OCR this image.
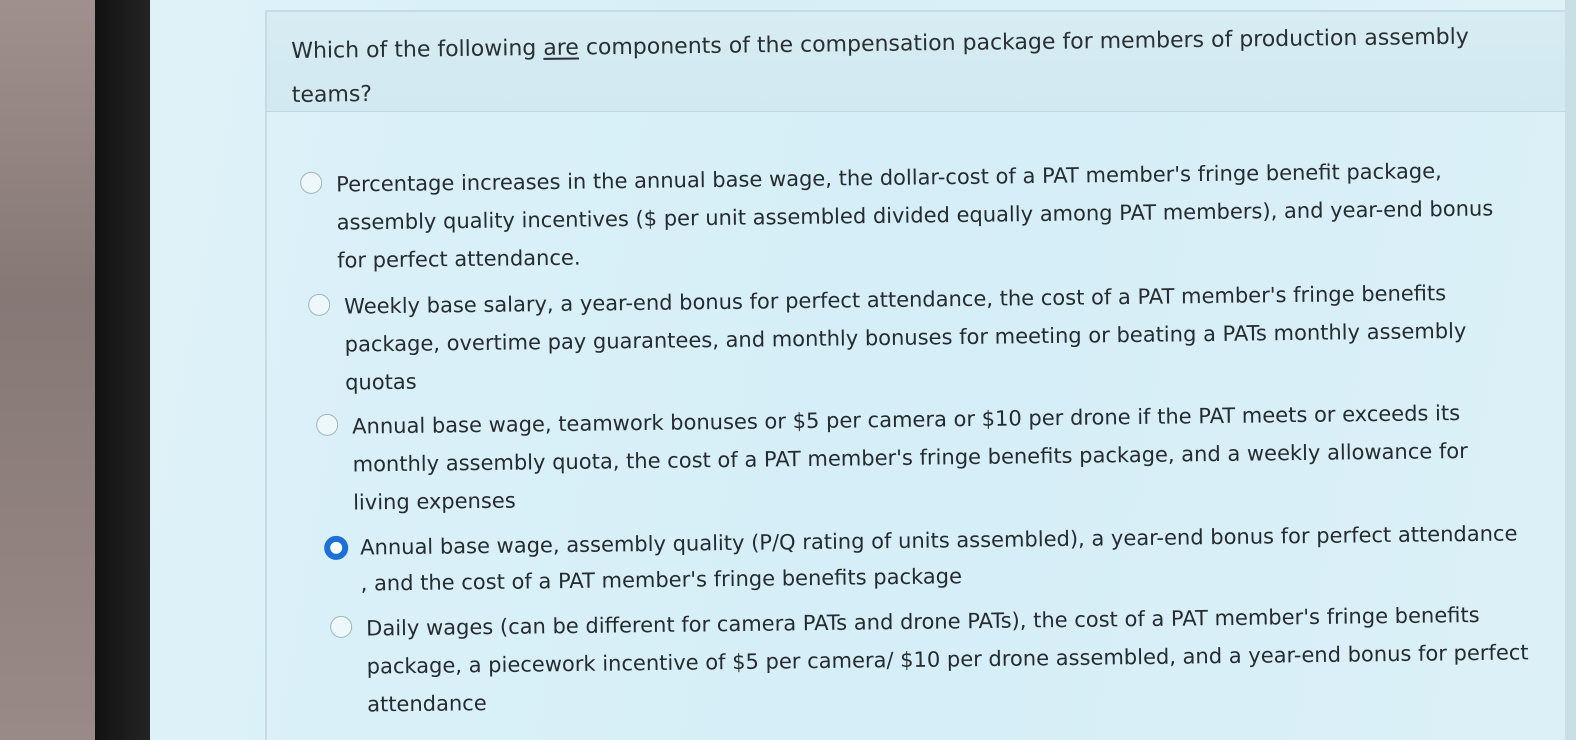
Which of the following are components of the compensation package for members of production assembly teams?
Percentage increases in the annual base wage, the dollar-cost of a PAT member's fringe benefit package, assembly quality incentives ($ per unit assembled divided equally among PAT members), and year-end bonus for perfect attendance.
Weekly base salary, a year-end bonus for perfect attendance, the cost of a PAT member's fringe benefits package, overtime pay guarantees, and monthly bonuses for meeting or beating a PATs monthly assembly quotas
Annual base wage, teamwork bonuses or $5 per camera or $10 per drone if the PAT meets or exceeds its monthly assembly quota, the cost of a PAT member's fringe benefits package, and a weekly allowance for living expenses
Annual base wage, assembly quality (P/Q rating of units assembled), a year-end bonus for perfect attendance , and the cost of a PAT member's fringe benefits package
Daily wages (can be different for camera PATs and drone PATs), the cost of a PAT member's fringe benefits package, a piecework incentive of $5 per camera/ $10 per drone assembled, and a year-end bonus for perfect attendance
